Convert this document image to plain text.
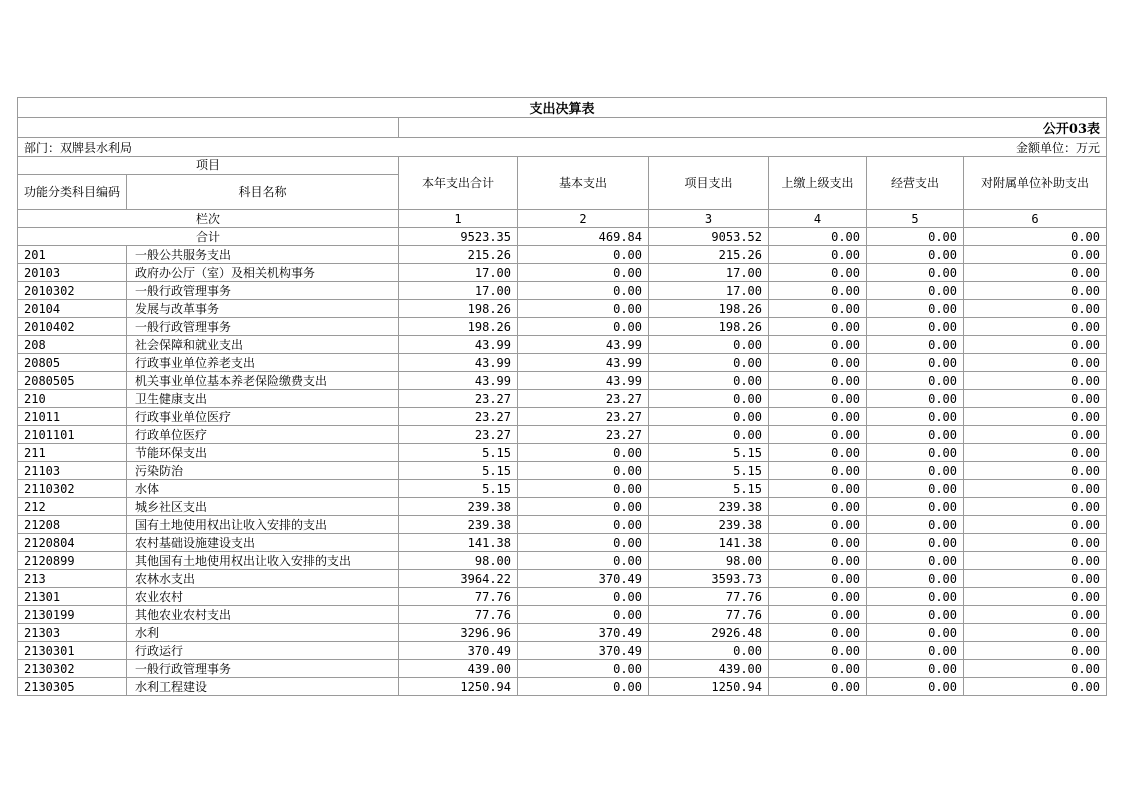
支出决算表							
		公开03表					
部门：双牌县水利局		金额单位：万元					
项目		本年支出合计	基本支出	项目支出	上缴上级支出	经营支出	对附属单位补助支出
功能分类科目编码	科目名称						
栏次		1	2	3	4	5	6
合计		9523.35	469.84	9053.52	0.00	0.00	0.00
201	一般公共服务支出	215.26	0.00	215.26	0.00	0.00	0.00
20103	政府办公厅（室）及相关机构事务	17.00	0.00	17.00	0.00	0.00	0.00
2010302	一般行政管理事务	17.00	0.00	17.00	0.00	0.00	0.00
20104	发展与改革事务	198.26	0.00	198.26	0.00	0.00	0.00
2010402	一般行政管理事务	198.26	0.00	198.26	0.00	0.00	0.00
208	社会保障和就业支出	43.99	43.99	0.00	0.00	0.00	0.00
20805	行政事业单位养老支出	43.99	43.99	0.00	0.00	0.00	0.00
2080505	机关事业单位基本养老保险缴费支出	43.99	43.99	0.00	0.00	0.00	0.00
210	卫生健康支出	23.27	23.27	0.00	0.00	0.00	0.00
21011	行政事业单位医疗	23.27	23.27	0.00	0.00	0.00	0.00
2101101	行政单位医疗	23.27	23.27	0.00	0.00	0.00	0.00
211	节能环保支出	5.15	0.00	5.15	0.00	0.00	0.00
21103	污染防治	5.15	0.00	5.15	0.00	0.00	0.00
2110302	水体	5.15	0.00	5.15	0.00	0.00	0.00
212	城乡社区支出	239.38	0.00	239.38	0.00	0.00	0.00
21208	国有土地使用权出让收入安排的支出	239.38	0.00	239.38	0.00	0.00	0.00
2120804	农村基础设施建设支出	141.38	0.00	141.38	0.00	0.00	0.00
2120899	其他国有土地使用权出让收入安排的支出	98.00	0.00	98.00	0.00	0.00	0.00
213	农林水支出	3964.22	370.49	3593.73	0.00	0.00	0.00
21301	农业农村	77.76	0.00	77.76	0.00	0.00	0.00
2130199	其他农业农村支出	77.76	0.00	77.76	0.00	0.00	0.00
21303	水利	3296.96	370.49	2926.48	0.00	0.00	0.00
2130301	行政运行	370.49	370.49	0.00	0.00	0.00	0.00
2130302	一般行政管理事务	439.00	0.00	439.00	0.00	0.00	0.00
2130305	水利工程建设	1250.94	0.00	1250.94	0.00	0.00	0.00
